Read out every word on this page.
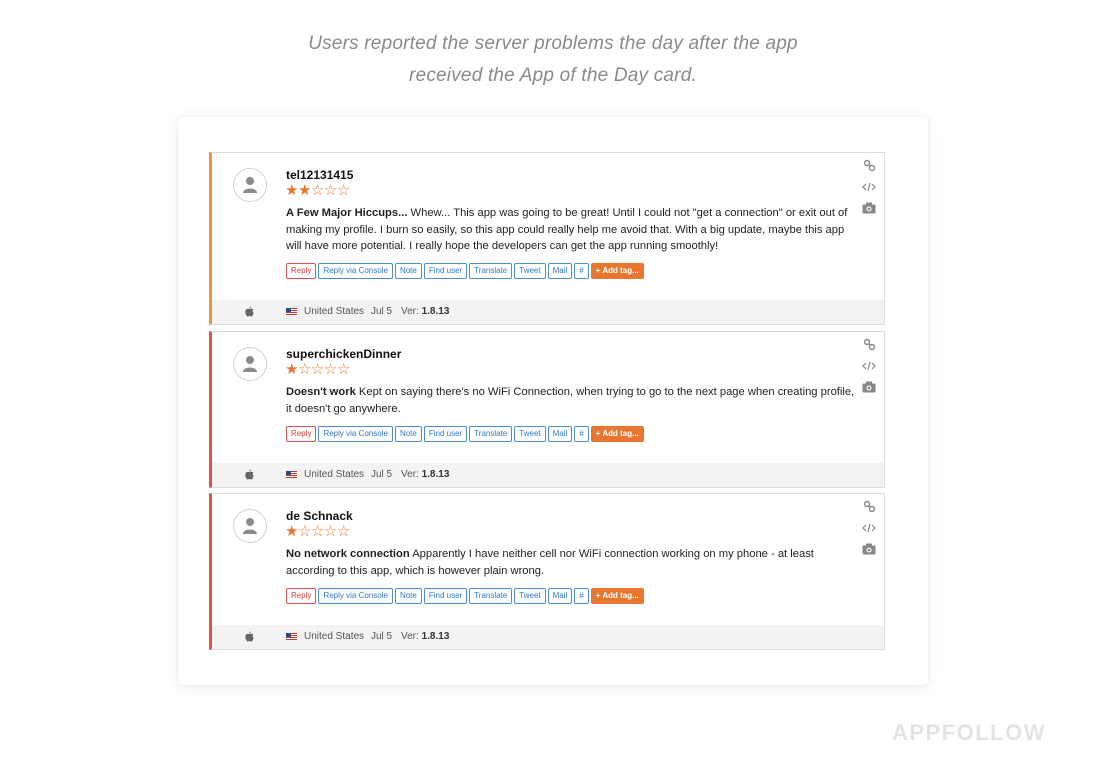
Users reported the server problems the day after the app
received the App of the Day card.
tel12131415
★★☆☆☆
A Few Major Hiccups... Whew... This app was going to be great! Until I could not "get a connection" or exit out of making my profile. I burn so easily, so this app could really help me avoid that. With a big update, maybe this app will have more potential. I really hope the developers can get the app running smoothly!
Reply	Reply via Console	Note	Find user	Translate	Tweet	Mail	#	+ Add tag...
United States Jul 5 Ver: 1.8.13
superchickenDinner
★☆☆☆☆
Doesn't work Kept on saying there's no WiFi Connection, when trying to go to the next page when creating profile, it doesn't go anywhere.
Reply	Reply via Console	Note	Find user	Translate	Tweet	Mail	#	+ Add tag...
United States Jul 5 Ver: 1.8.13
de Schnack
★☆☆☆☆
No network connection Apparently I have neither cell nor WiFi connection working on my phone - at least according to this app, which is however plain wrong.
Reply	Reply via Console	Note	Find user	Translate	Tweet	Mail	#	+ Add tag...
United States Jul 5 Ver: 1.8.13
APPFOLLOW
